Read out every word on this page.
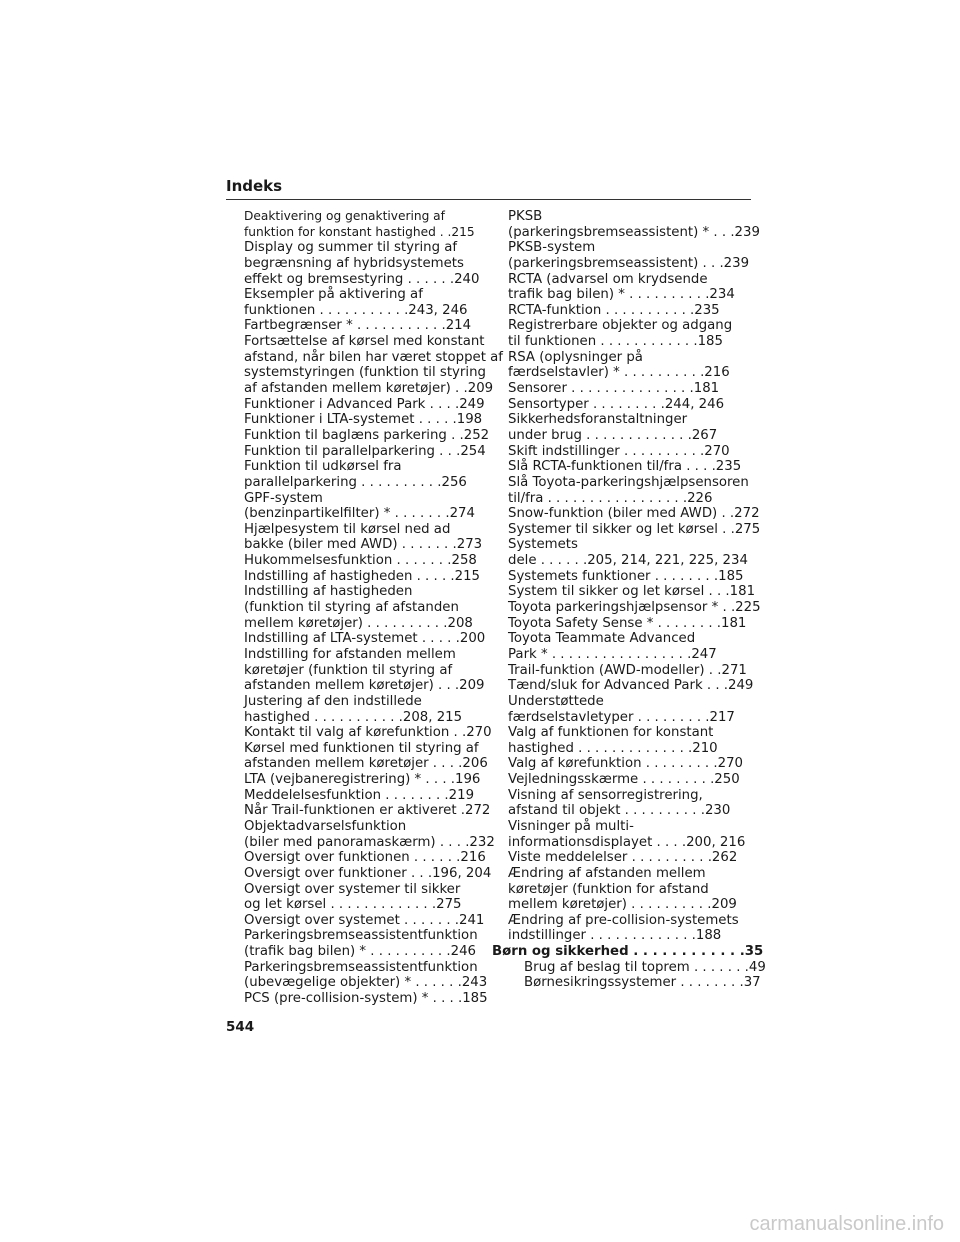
Indeks
Deaktivering og genaktivering af
funktion for konstant hastighed . .215
Display og summer til styring af
begrænsning af hybridsystemets
effekt og bremsestyring . . . . . .240
Eksempler på aktivering af
funktionen . . . . . . . . . . .243, 246
Fartbegrænser * . . . . . . . . . . .214
Fortsættelse af kørsel med konstant
afstand, når bilen har været stoppet af
systemstyringen (funktion til styring
af afstanden mellem køretøjer) . .209
Funktioner i Advanced Park . . . .249
Funktioner i LTA-systemet . . . . .198
Funktion til baglæns parkering . .252
Funktion til parallelparkering . . .254
Funktion til udkørsel fra
parallelparkering . . . . . . . . . .256
GPF-system
(benzinpartikelfilter) * . . . . . . .274
Hjælpesystem til kørsel ned ad
bakke (biler med AWD) . . . . . . .273
Hukommelsesfunktion . . . . . . .258
Indstilling af hastigheden . . . . .215
Indstilling af hastigheden
(funktion til styring af afstanden
mellem køretøjer) . . . . . . . . . .208
Indstilling af LTA-systemet . . . . .200
Indstilling for afstanden mellem
køretøjer (funktion til styring af
afstanden mellem køretøjer) . . .209
Justering af den indstillede
hastighed . . . . . . . . . . .208, 215
Kontakt til valg af kørefunktion . .270
Kørsel med funktionen til styring af
afstanden mellem køretøjer . . . .206
LTA (vejbaneregistrering) * . . . .196
Meddelelsesfunktion . . . . . . . .219
Når Trail-funktionen er aktiveret .272
Objektadvarselsfunktion
(biler med panoramaskærm) . . . .232
Oversigt over funktionen . . . . . .216
Oversigt over funktioner . . .196, 204
Oversigt over systemer til sikker
og let kørsel . . . . . . . . . . . . .275
Oversigt over systemet . . . . . . .241
Parkeringsbremseassistentfunktion
(trafik bag bilen) * . . . . . . . . . .246
Parkeringsbremseassistentfunktion
(ubevægelige objekter) * . . . . . .243
PCS (pre-collision-system) * . . . .185
PKSB
(parkeringsbremseassistent) * . . .239
PKSB-system
(parkeringsbremseassistent) . . .239
RCTA (advarsel om krydsende
trafik bag bilen) * . . . . . . . . . .234
RCTA-funktion . . . . . . . . . . .235
Registrerbare objekter og adgang
til funktionen . . . . . . . . . . . .185
RSA (oplysninger på
færdselstavler) * . . . . . . . . . .216
Sensorer . . . . . . . . . . . . . . .181
Sensortyper . . . . . . . . .244, 246
Sikkerhedsforanstaltninger
under brug . . . . . . . . . . . . .267
Skift indstillinger . . . . . . . . . .270
Slå RCTA-funktionen til/fra . . . .235
Slå Toyota-parkeringshjælpsensoren
til/fra . . . . . . . . . . . . . . . . .226
Snow-funktion (biler med AWD) . .272
Systemer til sikker og let kørsel . .275
Systemets
dele . . . . . .205, 214, 221, 225, 234
Systemets funktioner . . . . . . . .185
System til sikker og let kørsel . . .181
Toyota parkeringshjælpsensor * . .225
Toyota Safety Sense * . . . . . . . .181
Toyota Teammate Advanced
Park * . . . . . . . . . . . . . . . . .247
Trail-funktion (AWD-modeller) . .271
Tænd/sluk for Advanced Park . . .249
Understøttede
færdselstavletyper . . . . . . . . .217
Valg af funktionen for konstant
hastighed . . . . . . . . . . . . . .210
Valg af kørefunktion . . . . . . . . .270
Vejledningsskærme . . . . . . . . .250
Visning af sensorregistrering,
afstand til objekt . . . . . . . . . .230
Visninger på multi-
informationsdisplayet . . . .200, 216
Viste meddelelser . . . . . . . . . .262
Ændring af afstanden mellem
køretøjer (funktion for afstand
mellem køretøjer) . . . . . . . . . .209
Ændring af pre-collision-systemets
indstillinger . . . . . . . . . . . . .188
Børn og sikkerhed . . . . . . . . . . . .35
Brug af beslag til toprem . . . . . . .49
Børnesikringssystemer . . . . . . . .37
544
carmanualsonline.info
